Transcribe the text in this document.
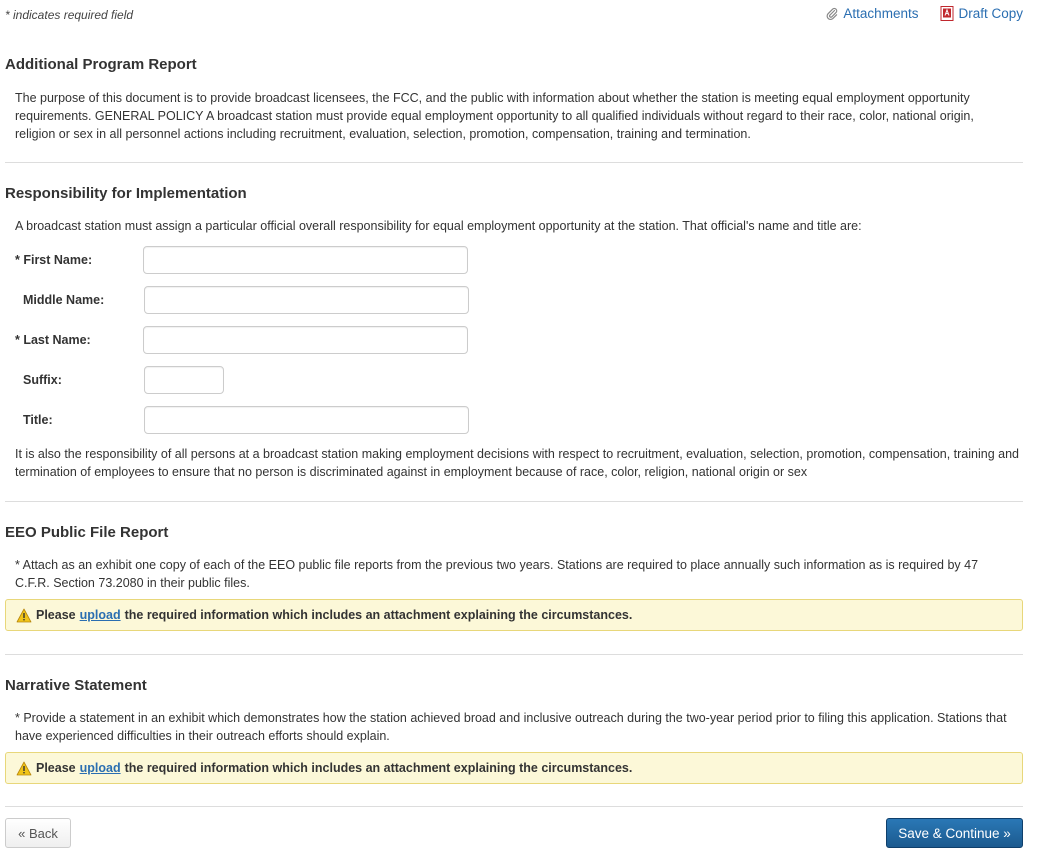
* indicates required field	Attachments	Draft Copy
Additional Program Report
The purpose of this document is to provide broadcast licensees, the FCC, and the public with information about whether the station is meeting equal employment opportunity requirements. GENERAL POLICY A broadcast station must provide equal employment opportunity to all qualified individuals without regard to their race, color, national origin, religion or sex in all personnel actions including recruitment, evaluation, selection, promotion, compensation, training and termination.
Responsibility for Implementation
A broadcast station must assign a particular official overall responsibility for equal employment opportunity at the station. That official's name and title are:
* First Name:
Middle Name:
* Last Name:
Suffix:
Title:
It is also the responsibility of all persons at a broadcast station making employment decisions with respect to recruitment, evaluation, selection, promotion, compensation, training and termination of employees to ensure that no person is discriminated against in employment because of race, color, religion, national origin or sex
EEO Public File Report
* Attach as an exhibit one copy of each of the EEO public file reports from the previous two years. Stations are required to place annually such information as is required by 47 C.F.R. Section 73.2080 in their public files.
Please upload the required information which includes an attachment explaining the circumstances.
Narrative Statement
* Provide a statement in an exhibit which demonstrates how the station achieved broad and inclusive outreach during the two-year period prior to filing this application. Stations that have experienced difficulties in their outreach efforts should explain.
Please upload the required information which includes an attachment explaining the circumstances.
« Back	Save & Continue »
